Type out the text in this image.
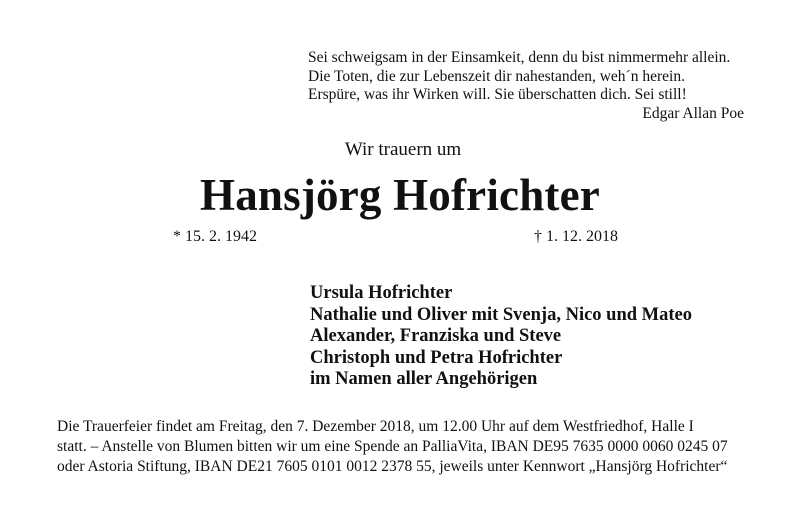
Sei schweigsam in der Einsamkeit, denn du bist nimmermehr allein.
Die Toten, die zur Lebenszeit dir nahestanden, weh´n herein.
Erspüre, was ihr Wirken will. Sie überschatten dich. Sei still!
Edgar Allan Poe
Wir trauern um
Hansjörg Hofrichter
* 15. 2. 1942	† 1. 12. 2018
Ursula Hofrichter
Nathalie und Oliver mit Svenja, Nico und Mateo
Alexander, Franziska und Steve
Christoph und Petra Hofrichter
im Namen aller Angehörigen
Die Trauerfeier findet am Freitag, den 7. Dezember 2018, um 12.00 Uhr auf dem Westfriedhof, Halle I
statt. – Anstelle von Blumen bitten wir um eine Spende an PalliaVita, IBAN DE95 7635 0000 0060 0245 07
oder Astoria Stiftung, IBAN DE21 7605 0101 0012 2378 55, jeweils unter Kennwort „Hansjörg Hofrichter“
